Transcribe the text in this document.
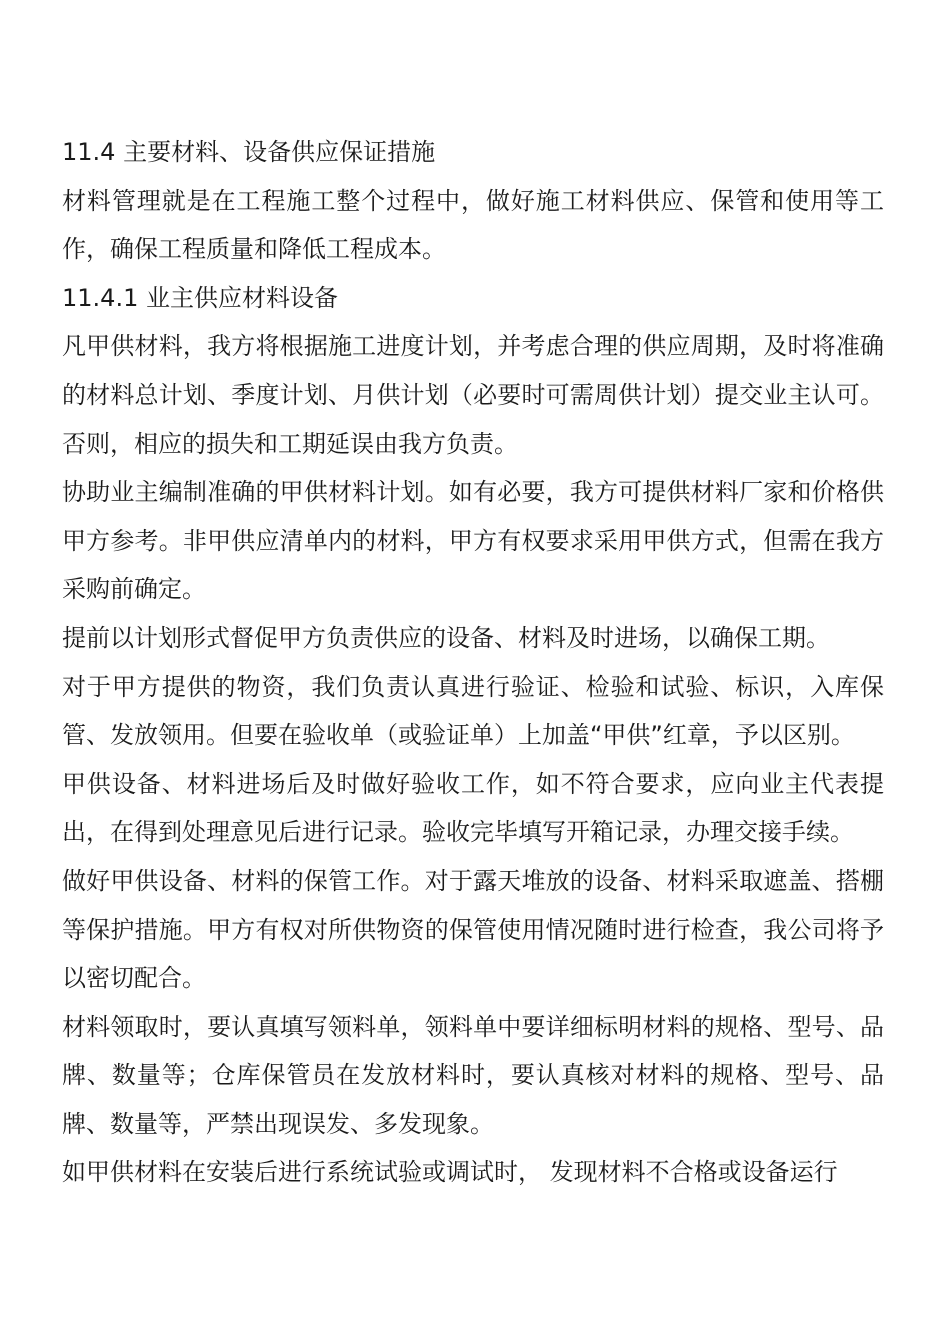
11.4 主要材料、设备供应保证措施

材料管理就是在工程施工整个过程中，做好施工材料供应、保管和使用等工作，确保工程质量和降低工程成本。

11.4.1 业主供应材料设备

凡甲供材料，我方将根据施工进度计划，并考虑合理的供应周期，及时将准确的材料总计划、季度计划、月供计划（必要时可需周供计划）提交业主认可。否则，相应的损失和工期延误由我方负责。

协助业主编制准确的甲供材料计划。如有必要，我方可提供材料厂家和价格供甲方参考。非甲供应清单内的材料，甲方有权要求采用甲供方式，但需在我方采购前确定。

提前以计划形式督促甲方负责供应的设备、材料及时进场，以确保工期。

对于甲方提供的物资，我们负责认真进行验证、检验和试验、标识，入库保管、发放领用。但要在验收单（或验证单）上加盖“甲供”红章，予以区别。

甲供设备、材料进场后及时做好验收工作，如不符合要求，应向业主代表提出，在得到处理意见后进行记录。验收完毕填写开箱记录，办理交接手续。

做好甲供设备、材料的保管工作。对于露天堆放的设备、材料采取遮盖、搭棚等保护措施。甲方有权对所供物资的保管使用情况随时进行检查，我公司将予以密切配合。

材料领取时，要认真填写领料单，领料单中要详细标明材料的规格、型号、品牌、数量等；仓库保管员在发放材料时，要认真核对材料的规格、型号、品牌、数量等，严禁出现误发、多发现象。

如甲供材料在安装后进行系统试验或调试时， 发现材料不合格或设备运行
